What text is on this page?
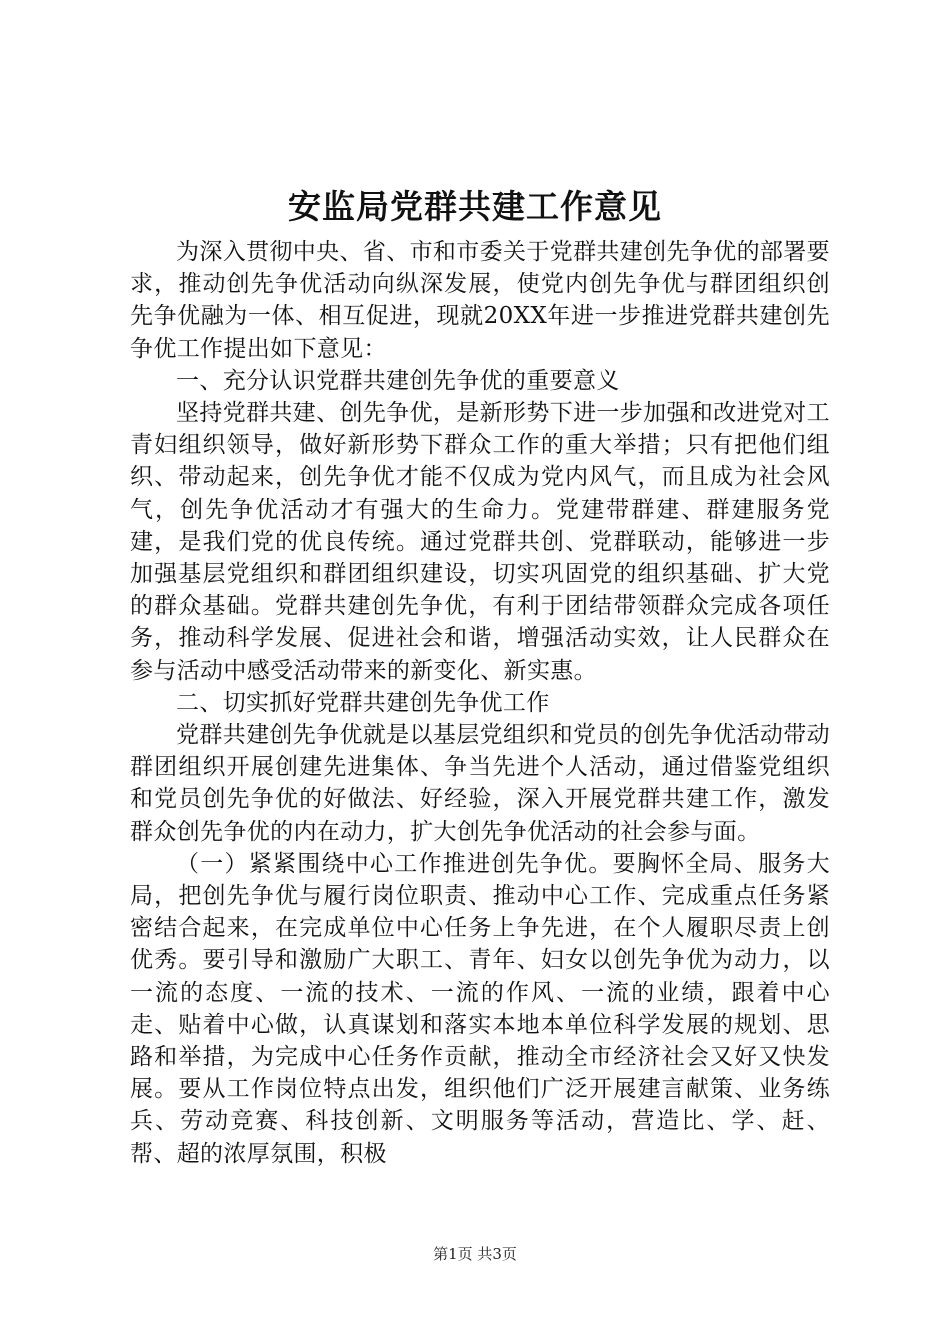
安监局党群共建工作意见

为深入贯彻中央、省、市和市委关于党群共建创先争优的部署要求，推动创先争优活动向纵深发展，使党内创先争优与群团组织创先争优融为一体、相互促进，现就20XX年进一步推进党群共建创先争优工作提出如下意见：

一、充分认识党群共建创先争优的重要意义

坚持党群共建、创先争优，是新形势下进一步加强和改进党对工青妇组织领导，做好新形势下群众工作的重大举措；只有把他们组织、带动起来，创先争优才能不仅成为党内风气，而且成为社会风气，创先争优活动才有强大的生命力。党建带群建、群建服务党建，是我们党的优良传统。通过党群共创、党群联动，能够进一步加强基层党组织和群团组织建设，切实巩固党的组织基础、扩大党的群众基础。党群共建创先争优，有利于团结带领群众完成各项任务，推动科学发展、促进社会和谐，增强活动实效，让人民群众在参与活动中感受活动带来的新变化、新实惠。

二、切实抓好党群共建创先争优工作

党群共建创先争优就是以基层党组织和党员的创先争优活动带动群团组织开展创建先进集体、争当先进个人活动，通过借鉴党组织和党员创先争优的好做法、好经验，深入开展党群共建工作，激发群众创先争优的内在动力，扩大创先争优活动的社会参与面。

（一）紧紧围绕中心工作推进创先争优。要胸怀全局、服务大局，把创先争优与履行岗位职责、推动中心工作、完成重点任务紧密结合起来，在完成单位中心任务上争先进，在个人履职尽责上创优秀。要引导和激励广大职工、青年、妇女以创先争优为动力，以一流的态度、一流的技术、一流的作风、一流的业绩，跟着中心走、贴着中心做，认真谋划和落实本地本单位科学发展的规划、思路和举措，为完成中心任务作贡献，推动全市经济社会又好又快发展。要从工作岗位特点出发，组织他们广泛开展建言献策、业务练兵、劳动竞赛、科技创新、文明服务等活动，营造比、学、赶、帮、超的浓厚氛围，积极

第1页 共3页
